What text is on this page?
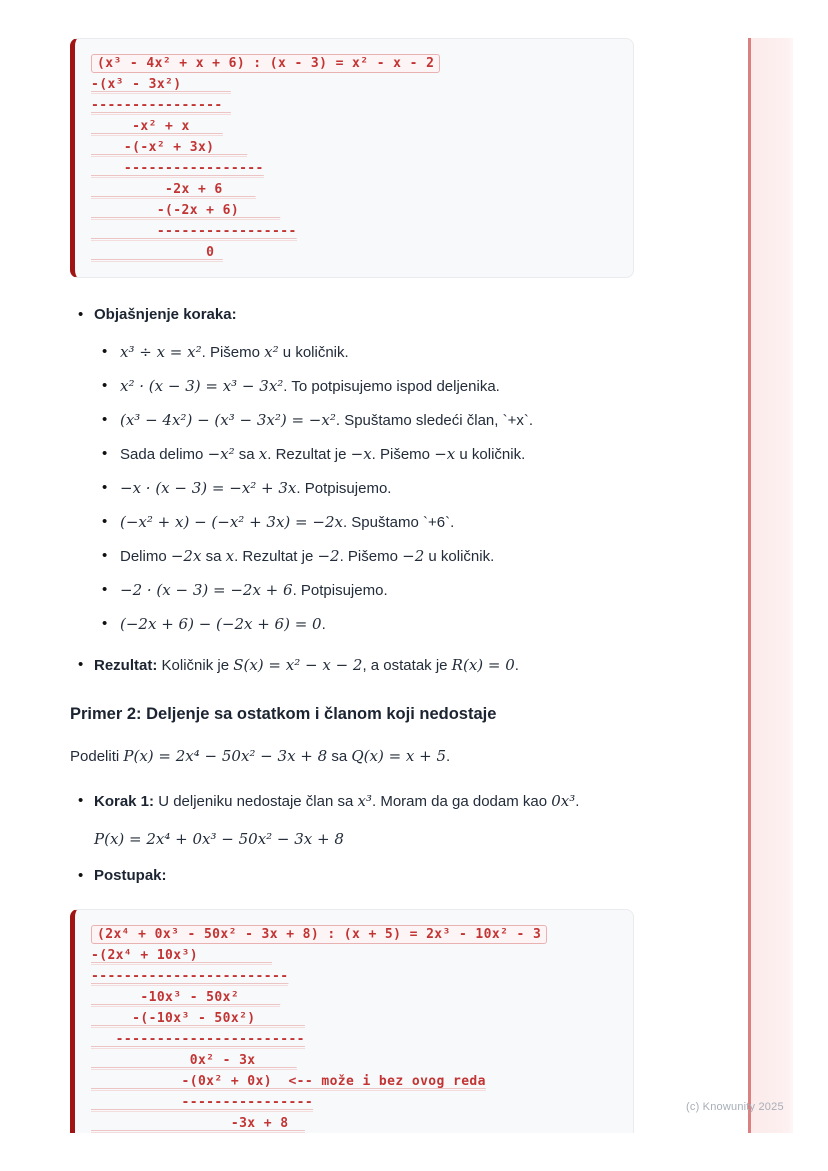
(x³ - 4x² + x + 6) : (x - 3) = x² - x - 2
-(x³ - 3x²)
----------------
-x² + x
-(-x² + 3x)
-----------------
-2x + 6
-(-2x + 6)
-----------------
0
• Objašnjenje koraka:
• x³ ÷ x = x². Pišemo x² u količnik.
• x² · (x − 3) = x³ − 3x². To potpisujemo ispod deljenika.
• (x³ − 4x²) − (x³ − 3x²) = −x². Spuštamo sledeći član, `+x`.
• Sada delimo −x² sa x. Rezultat je −x. Pišemo −x u količnik.
• −x · (x − 3) = −x² + 3x. Potpisujemo.
• (−x² + x) − (−x² + 3x) = −2x. Spuštamo `+6`.
• Delimo −2x sa x. Rezultat je −2. Pišemo −2 u količnik.
• −2 · (x − 3) = −2x + 6. Potpisujemo.
• (−2x + 6) − (−2x + 6) = 0.
• Rezultat: Količnik je S(x) = x² − x − 2, a ostatak je R(x) = 0.
Primer 2: Deljenje sa ostatkom i članom koji nedostaje

Podeliti P(x) = 2x⁴ − 50x² − 3x + 8 sa Q(x) = x + 5.

• Korak 1: U deljeniku nedostaje član sa x³. Moram da ga dodam kao 0x³.
P(x) = 2x⁴ + 0x³ − 50x² − 3x + 8
• Postupak:
(2x⁴ + 0x³ - 50x² - 3x + 8) : (x + 5) = 2x³ - 10x² - 3
-(2x⁴ + 10x³)
------------------------
-10x³ - 50x²
-(-10x³ - 50x²)
-----------------------
0x² - 3x
-(0x² + 0x)  <-- može i bez ovog reda
----------------
-3x + 8
(c) Knowunity 2025
